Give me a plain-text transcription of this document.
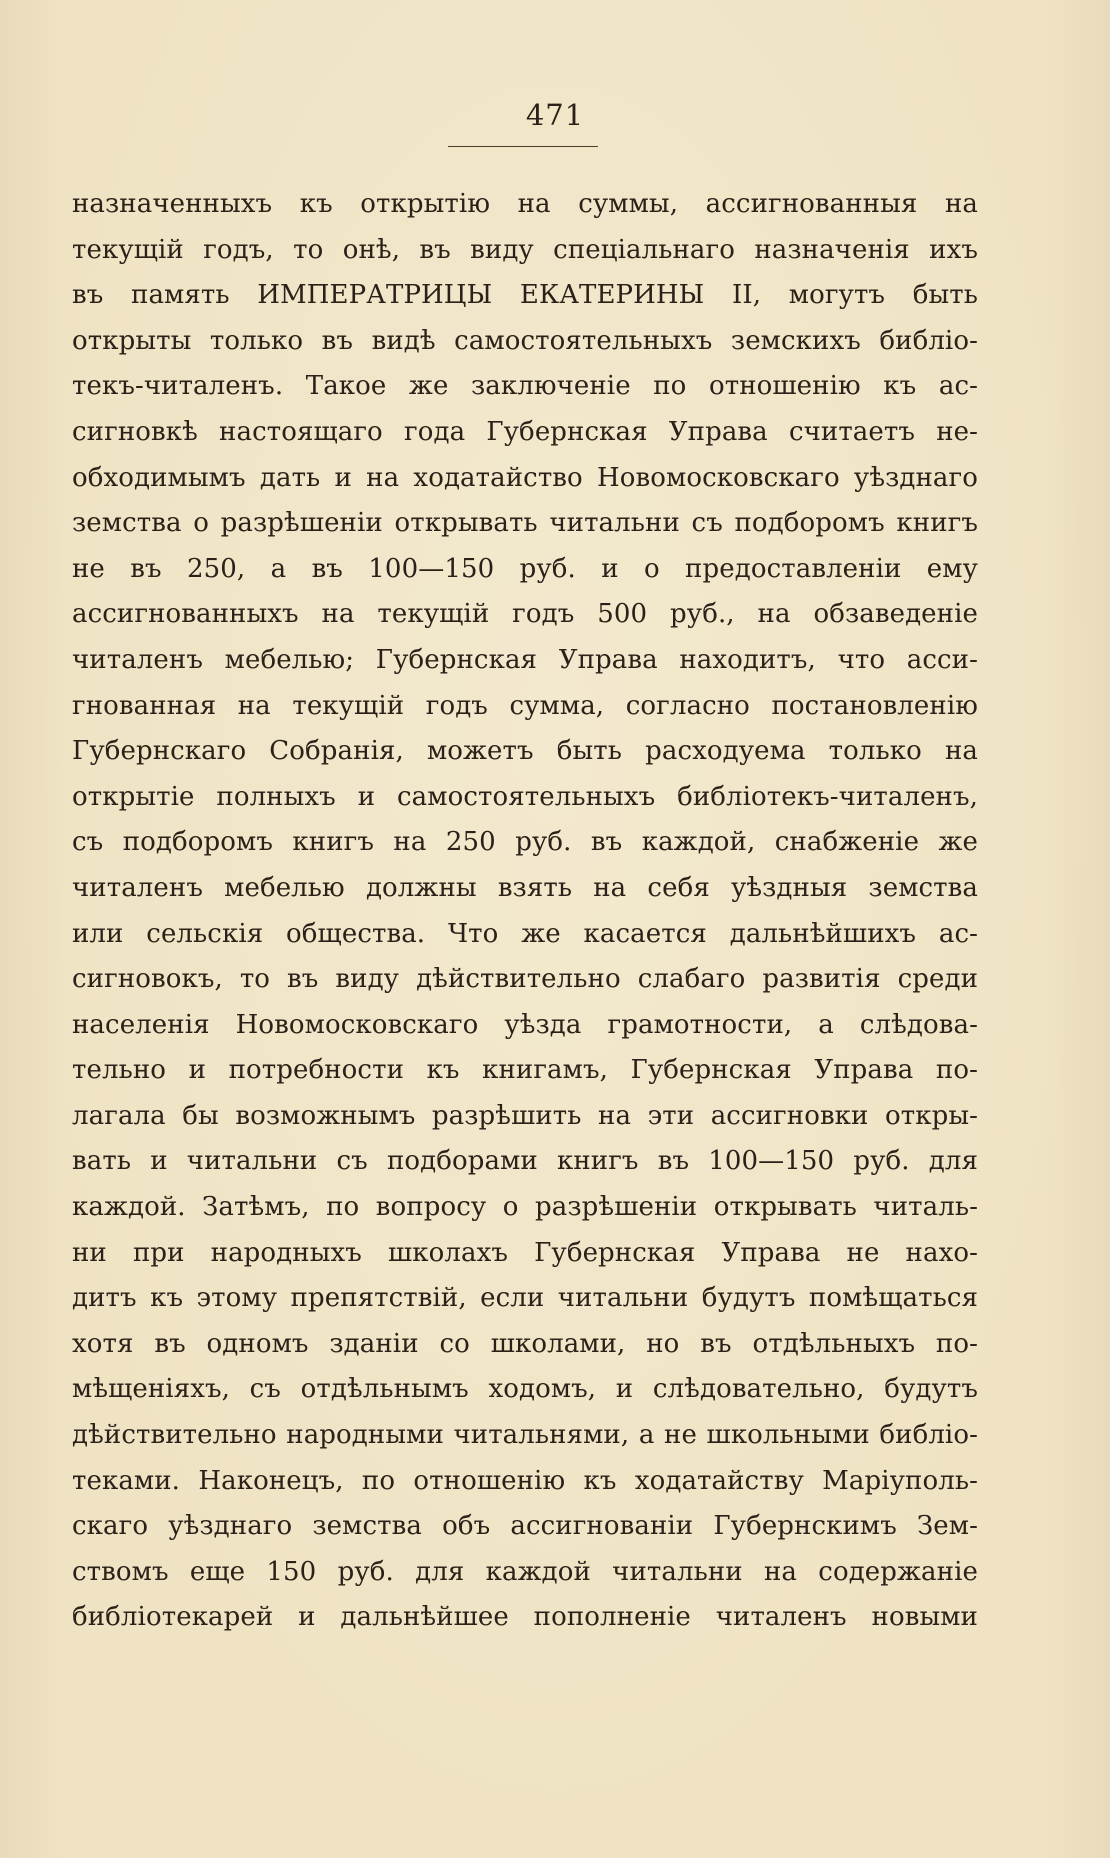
471
назначенныхъ къ открытію на суммы, ассигнованныя на
текущій годъ, то онѣ, въ виду спеціальнаго назначенія ихъ
въ память ИМПЕРАТРИЦЫ ЕКАТЕРИНЫ II, могутъ быть
открыты только въ видѣ самостоятельныхъ земскихъ библіо-
текъ-читаленъ. Такое же заключеніе по отношенію къ ас-
сигновкѣ настоящаго года Губернская Управа считаетъ не-
обходимымъ дать и на ходатайство Новомосковскаго уѣзднаго
земства о разрѣшеніи открывать читальни съ подборомъ книгъ
не въ 250, а въ 100—150 руб. и о предоставленіи ему
ассигнованныхъ на текущій годъ 500 руб., на обзаведеніе
читаленъ мебелью; Губернская Управа находитъ, что асси-
гнованная на текущій годъ сумма, согласно постановленію
Губернскаго Собранія, можетъ быть расходуема только на
открытіе полныхъ и самостоятельныхъ библіотекъ-читаленъ,
съ подборомъ книгъ на 250 руб. въ каждой, снабженіе же
читаленъ мебелью должны взять на себя уѣздныя земства
или сельскія общества. Что же касается дальнѣйшихъ ас-
сигновокъ, то въ виду дѣйствительно слабаго развитія среди
населенія Новомосковскаго уѣзда грамотности, а слѣдова-
тельно и потребности къ книгамъ, Губернская Управа по-
лагала бы возможнымъ разрѣшить на эти ассигновки откры-
вать и читальни съ подборами книгъ въ 100—150 руб. для
каждой. Затѣмъ, по вопросу о разрѣшеніи открывать читаль-
ни при народныхъ школахъ Губернская Управа не нахо-
дитъ къ этому препятствій, если читальни будутъ помѣщаться
хотя въ одномъ зданіи со школами, но въ отдѣльныхъ по-
мѣщеніяхъ, съ отдѣльнымъ ходомъ, и слѣдовательно, будутъ
дѣйствительно народными читальнями, а не школьными библіо-
теками. Наконецъ, по отношенію къ ходатайству Маріуполь-
скаго уѣзднаго земства объ ассигнованіи Губернскимъ Зем-
ствомъ еще 150 руб. для каждой читальни на содержаніе
библіотекарей и дальнѣйшее пополненіе читаленъ новыми
